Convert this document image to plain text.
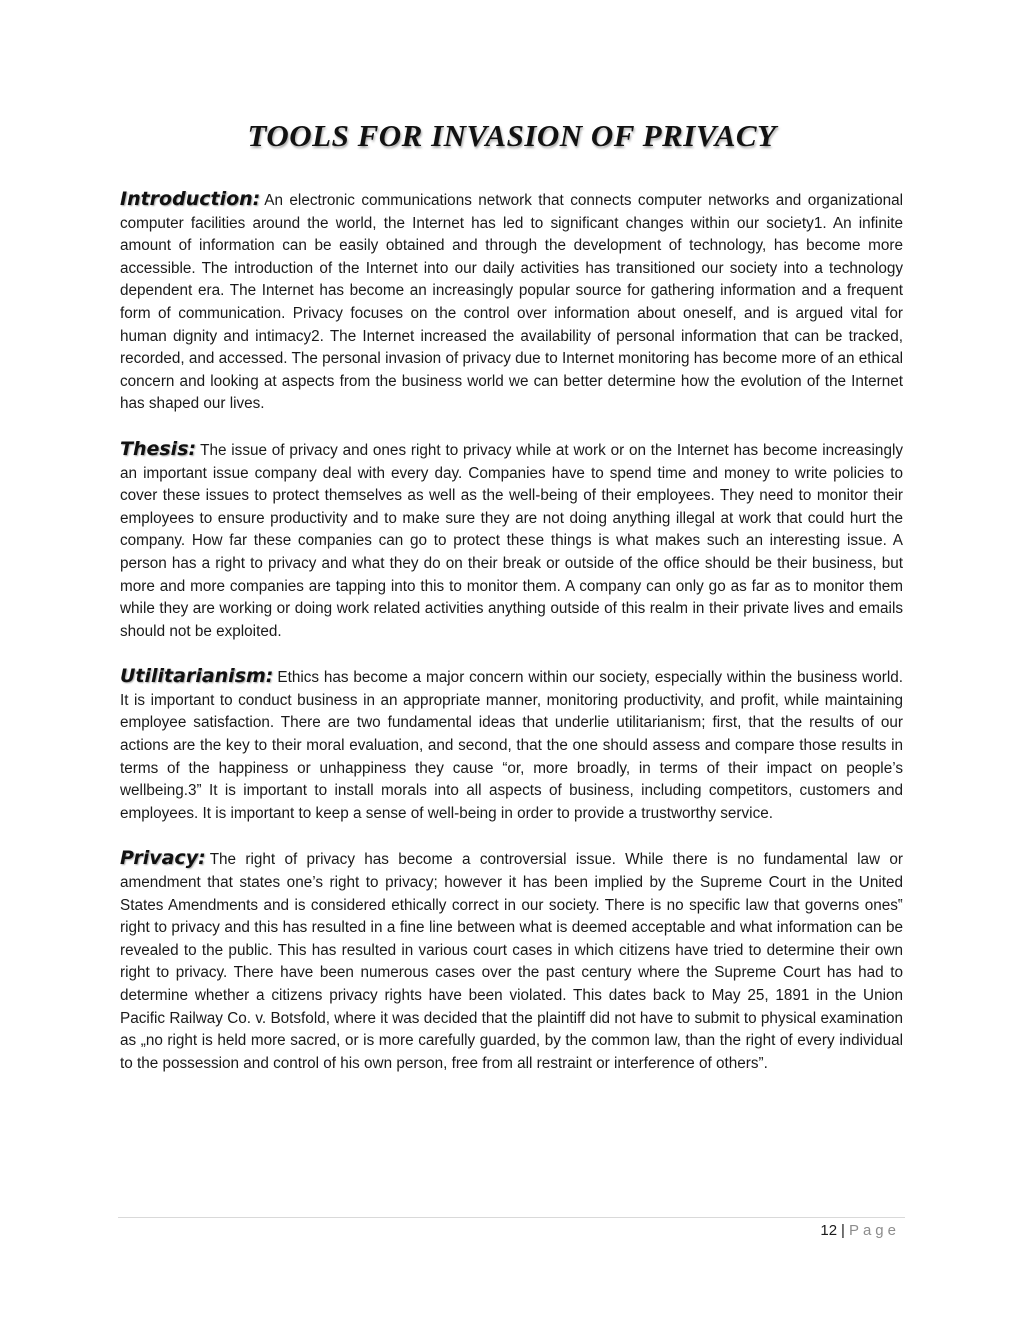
TOOLS FOR INVASION OF PRIVACY

Introduction: An electronic communications network that connects computer networks and organizational computer facilities around the world, the Internet has led to significant changes within our society1. An infinite amount of information can be easily obtained and through the development of technology, has become more accessible. The introduction of the Internet into our daily activities has transitioned our society into a technology dependent era. The Internet has become an increasingly popular source for gathering information and a frequent form of communication. Privacy focuses on the control over information about oneself, and is argued vital for human dignity and intimacy2. The Internet increased the availability of personal information that can be tracked, recorded, and accessed. The personal invasion of privacy due to Internet monitoring has become more of an ethical concern and looking at aspects from the business world we can better determine how the evolution of the Internet has shaped our lives.

Thesis: The issue of privacy and ones right to privacy while at work or on the Internet has become increasingly an important issue company deal with every day. Companies have to spend time and money to write policies to cover these issues to protect themselves as well as the well-being of their employees. They need to monitor their employees to ensure productivity and to make sure they are not doing anything illegal at work that could hurt the company. How far these companies can go to protect these things is what makes such an interesting issue. A person has a right to privacy and what they do on their break or outside of the office should be their business, but more and more companies are tapping into this to monitor them. A company can only go as far as to monitor them while they are working or doing work related activities anything outside of this realm in their private lives and emails should not be exploited.

Utilitarianism: Ethics has become a major concern within our society, especially within the business world. It is important to conduct business in an appropriate manner, monitoring productivity, and profit, while maintaining employee satisfaction. There are two fundamental ideas that underlie utilitarianism; first, that the results of our actions are the key to their moral evaluation, and second, that the one should assess and compare those results in terms of the happiness or unhappiness they cause “or, more broadly, in terms of their impact on people’s wellbeing.3” It is important to install morals into all aspects of business, including competitors, customers and employees. It is important to keep a sense of well-being in order to provide a trustworthy service.

Privacy: The right of privacy has become a controversial issue. While there is no fundamental law or amendment that states one’s right to privacy; however it has been implied by the Supreme Court in the United States Amendments and is considered ethically correct in our society. There is no specific law that governs ones‟ right to privacy and this has resulted in a fine line between what is deemed acceptable and what information can be revealed to the public. This has resulted in various court cases in which citizens have tried to determine their own right to privacy. There have been numerous cases over the past century where the Supreme Court has had to determine whether a citizens privacy rights have been violated. This dates back to May 25, 1891 in the Union Pacific Railway Co. v. Botsfold, where it was decided that the plaintiff did not have to submit to physical examination as „no right is held more sacred, or is more carefully guarded, by the common law, than the right of every individual to the possession and control of his own person, free from all restraint or interference of others”.

12 | Page
